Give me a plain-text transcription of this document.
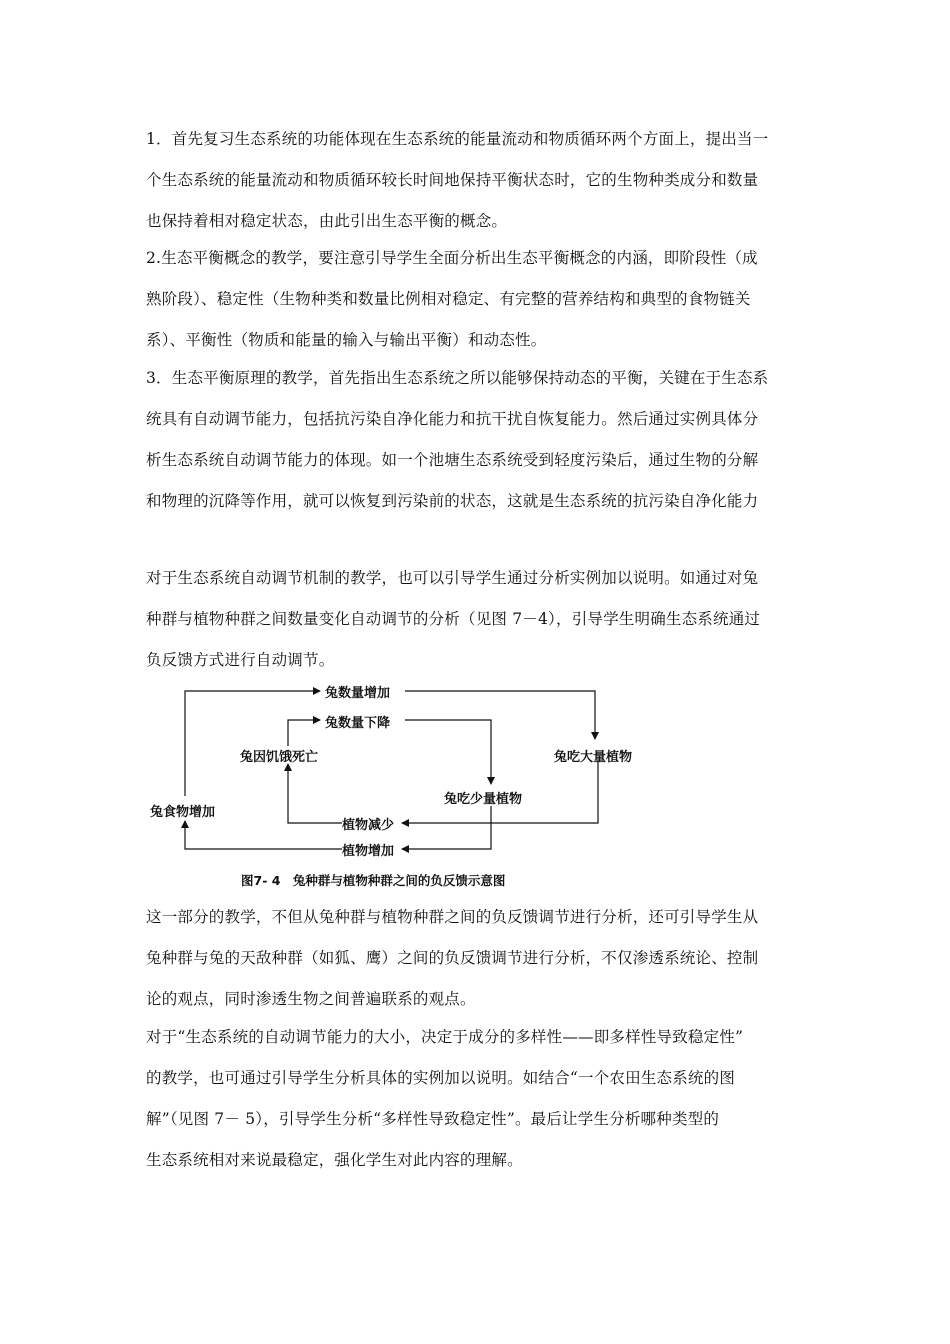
1．首先复习生态系统的功能体现在生态系统的能量流动和物质循环两个方面上，提出当一
个生态系统的能量流动和物质循环较长时间地保持平衡状态时，它的生物种类成分和数量
也保持着相对稳定状态，由此引出生态平衡的概念。
2.生态平衡概念的教学，要注意引导学生全面分析出生态平衡概念的内涵，即阶段性（成
熟阶段）、稳定性（生物种类和数量比例相对稳定、有完整的营养结构和典型的食物链关
系）、平衡性（物质和能量的输入与输出平衡）和动态性。
3．生态平衡原理的教学，首先指出生态系统之所以能够保持动态的平衡，关键在于生态系
统具有自动调节能力，包括抗污染自净化能力和抗干扰自恢复能力。然后通过实例具体分
析生态系统自动调节能力的体现。如一个池塘生态系统受到轻度污染后，通过生物的分解
和物理的沉降等作用，就可以恢复到污染前的状态，这就是生态系统的抗污染自净化能力
对于生态系统自动调节机制的教学，也可以引导学生通过分析实例加以说明。如通过对兔
种群与植物种群之间数量变化自动调节的分析（见图 7－4），引导学生明确生态系统通过
负反馈方式进行自动调节。
兔数量增加
兔数量下降
兔因饥饿死亡	兔吃大量植物
兔吃少量植物
兔食物增加
植物减少
植物增加
图7- 4　兔种群与植物种群之间的负反馈示意图
这一部分的教学，不但从兔种群与植物种群之间的负反馈调节进行分析，还可引导学生从
兔种群与兔的天敌种群（如狐、鹰）之间的负反馈调节进行分析，不仅渗透系统论、控制
论的观点，同时渗透生物之间普遍联系的观点。
对于“生态系统的自动调节能力的大小，决定于成分的多样性——即多样性导致稳定性”
的教学，也可通过引导学生分析具体的实例加以说明。如结合“一个农田生态系统的图
解”（见图 7－ 5），引导学生分析“多样性导致稳定性”。最后让学生分析哪种类型的
生态系统相对来说最稳定，强化学生对此内容的理解。
